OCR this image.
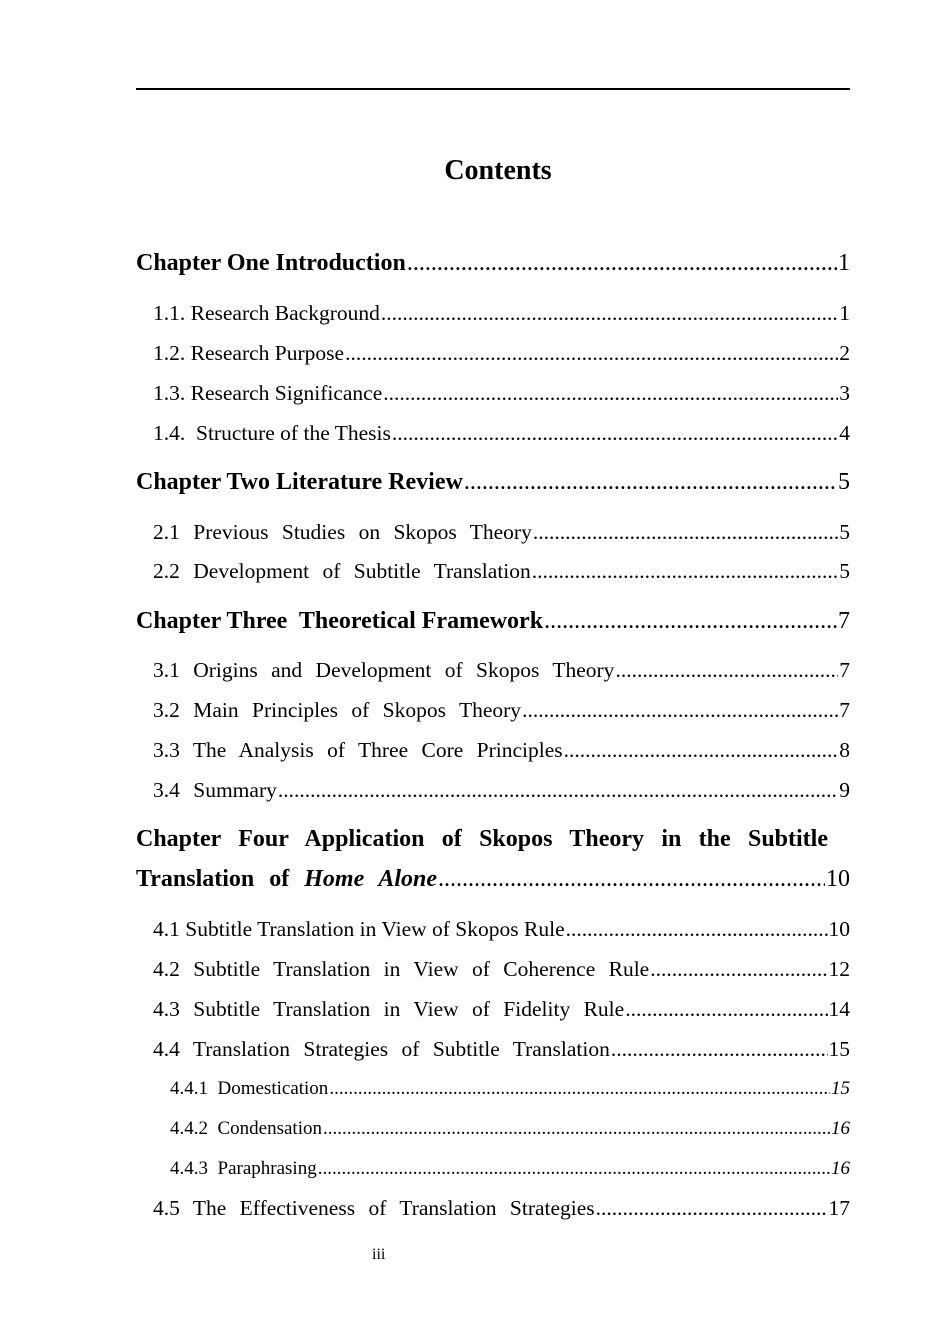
Contents
Chapter One Introduction .....	1
1.1. Research Background .....	1
1.2. Research Purpose .....	2
1.3. Research Significance .....	3
1.4.  Structure of the Thesis .....	4
Chapter Two Literature Review .....	5
2.1 Previous Studies on Skopos Theory .....	5
2.2 Development of Subtitle Translation .....	5
Chapter Three  Theoretical Framework .....	7
3.1 Origins and Development of Skopos Theory .....	7
3.2 Main Principles of Skopos Theory .....	7
3.3 The Analysis of Three Core Principles .....	8
3.4 Summary .....	9
Chapter Four Application of Skopos Theory in the Subtitle
Translation of Home Alone .....	10
4.1 Subtitle Translation in View of Skopos Rule .....	10
4.2 Subtitle Translation in View of Coherence Rule .....	12
4.3 Subtitle Translation in View of Fidelity Rule .....	14
4.4 Translation Strategies of Subtitle Translation .....	15
4.4.1  Domestication .....	15
4.4.2  Condensation .....	16
4.4.3  Paraphrasing .....	16
4.5 The Effectiveness of Translation Strategies .....	17
iii
